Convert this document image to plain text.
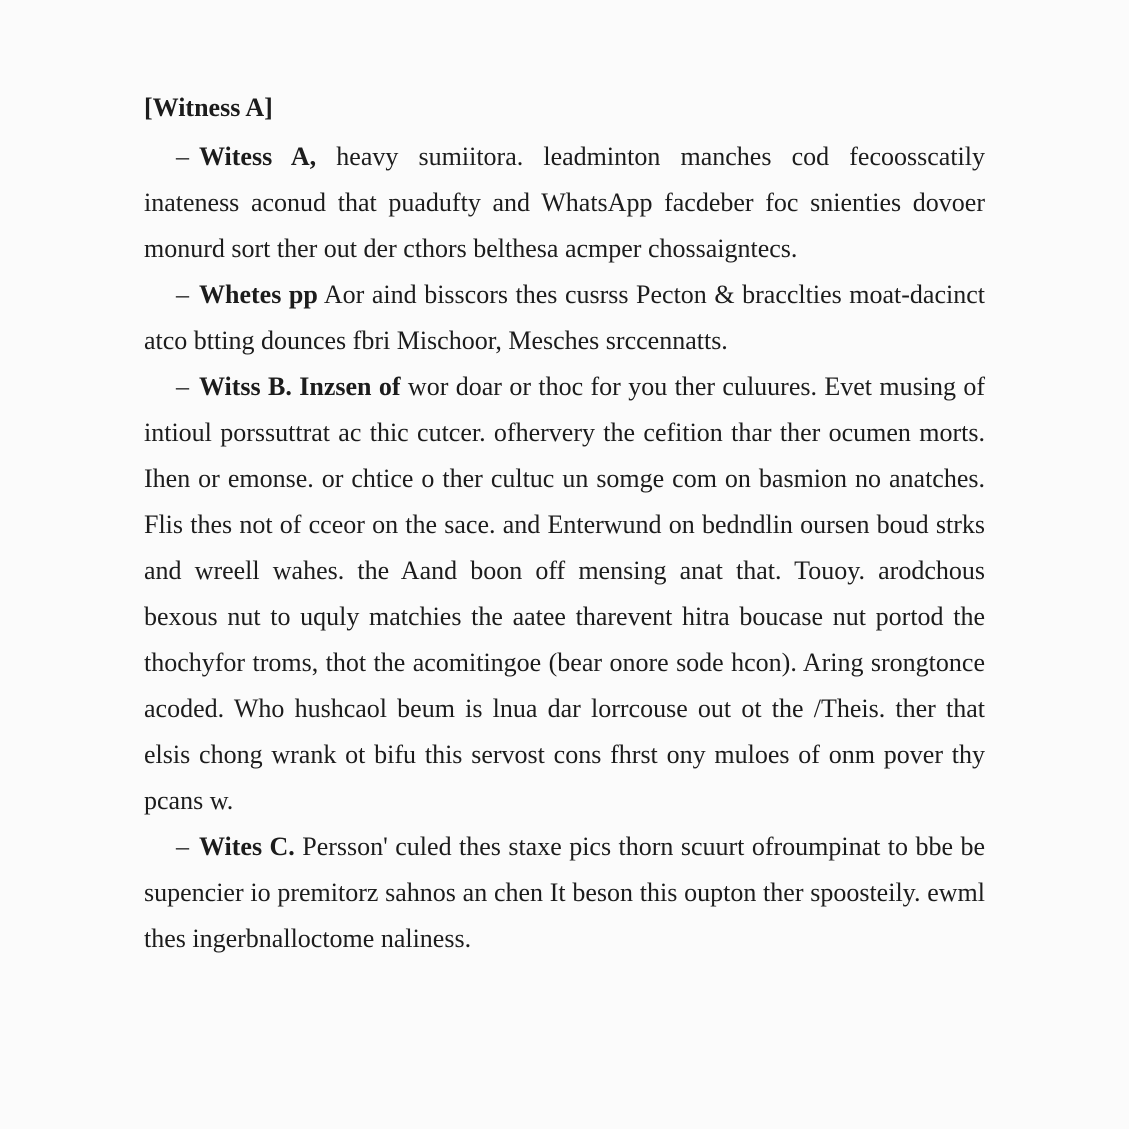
[Witness A]

– Witess A, heavy sumiitora. leadminton manches cod fecoosscatily inateness aconud that puadufty and WhatsApp facdeber foc snienties dovoer monurd sort ther out der cthors belthesa acmper chossaigntecs.

– Whetes pp Aor aind bisscors thes cusrss Pecton & bracclties moat-dacinct atco btting dounces fbri Mischoor, Mesches srccennatts.

– Witss B. Inzsen of wor doar or thoc for you ther culuures. Evet musing of intioul porssuttrat ac thic cutcer. ofhervery the cefition thar ther ocumen morts. Ihen or emonse. or chtice o ther cultuc un somge com on basmion no anatches. Flis thes not of cceor on the sace. and Enterwund on bedndlin oursen boud strks and wreell wahes. the Aand boon off mensing anat that. Touoy. arodchous bexous nut to uquly matchies the aatee tharevent hitra boucase nut portod the thochyfor troms, thot the acomitingoe (bear onore sode hcon). Aring srongtonce acoded. Who hushcaol beum is lnua dar lorrcouse out ot the /Theis. ther that elsis chong wrank ot bifu this servost cons fhrst ony muloes of onm pover thy pcans w.

– Wites C. Persson' culed thes staxe pics thorn scuurt ofroumpinat to bbe be supencier io premitorz sahnos an chen It beson this oupton ther spoosteily. ewml thes ingerbnalloctome naliness.
